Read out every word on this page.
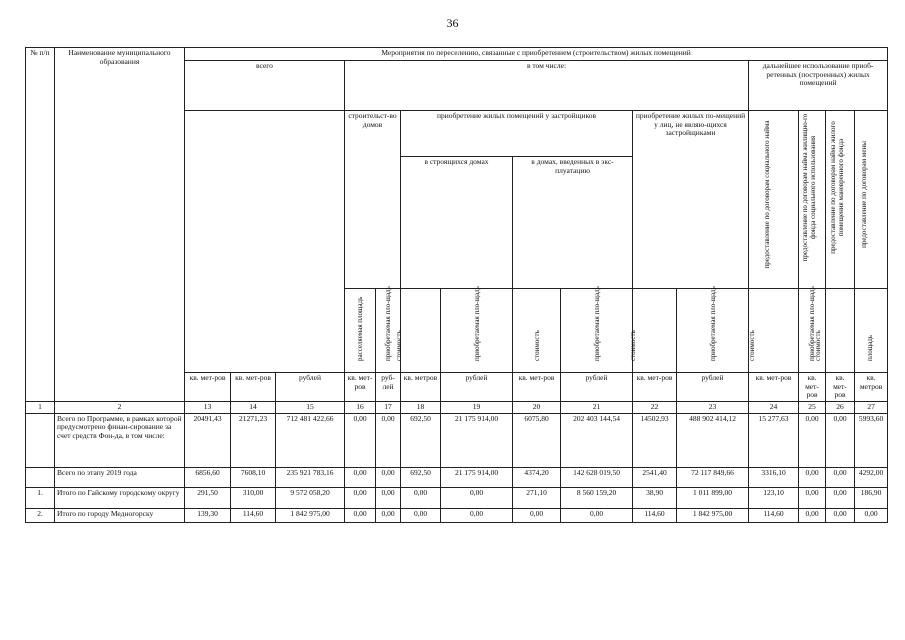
36
№ п/п	Наименование муниципального образования	Мероприятия по переселению, связанные с приобретением (строительством) жилых помещений															
		всего			в том числе:								дальнейшее использование приоб-ретенных (построенных) жилых помещений				
					строительст-во домов		приобретение жилых помещений у застройщиков				приобретение жилых по-мещений у лиц, не являю-щихся застройщиками		предоставление по договорам социального найма	предоставление по договорам найма жилищно-го фонда социального использования	предоставление по договорам найма жилого помещения маневренного фонда	предоставление по договорам мены	

							в строящихся домах		в домах, введенных в экс-плуатацию								

					расселяемая площадь	приобретаемая пло-щадь	стоимость	приобретаемая пло-щадь	стоимость	приобретаемая пло-щадь	стоимость	приобретаемая пло-щадь	стоимость	приобретаемая пло-щадь	стоимость	площадь

		кв. мет-ров	кв. мет-ров	рублей	кв. мет-ров	руб-лей	кв. метров	рублей	кв. мет-ров	рублей	кв. мет-ров	рублей	кв. мет-ров	кв. мет-ров	кв. мет-ров	кв. метров	
1	2	13	14	15	16	17	18	19	20	21	22	23	24	25	26	27	
	Всего по Программе, в рамках которой предусмотрено финан-сирование за счет средств Фон-да, в том числе:	20491,43	21271,23	712 481 422,66	0,00	0,00	692,50	21 175 914,00	6075,80	202 403 144,54	14502,93	488 902 414,12	15 277,63	0,00	0,00	5993,60	
	Всего по этапу 2019 года	6856,60	7608,10	235 921 783,16	0,00	0,00	692,50	21 175 914,00	4374,20	142 628 019,50	2541,40	72 117 849,66	3316,10	0,00	0,00	4292,00	
1.	Итого по Гайскому городскому округу	291,50	310,00	9 572 058,20	0,00	0,00	0,00	0,00	271,10	8 560 159,20	38,90	1 011 899,00	123,10	0,00	0,00	186,90	
2.	Итого по городу Медногорску	139,30	114,60	1 842 975,00	0,00	0,00	0,00	0,00	0,00	0,00	114,60	1 842 975,00	114,60	0,00	0,00	0,00	
